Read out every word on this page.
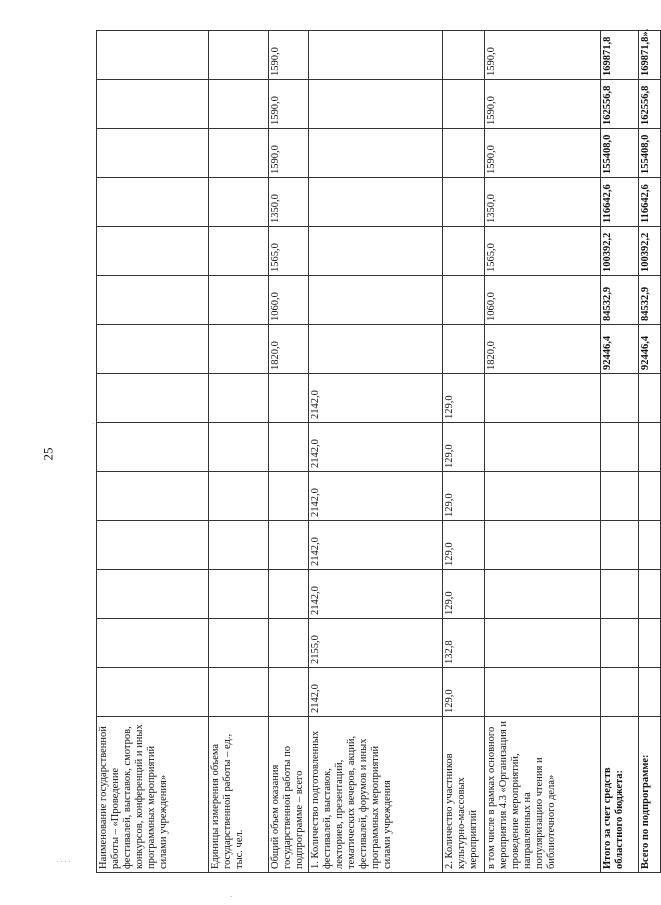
25
·
·
· · · ·	Наименование государственной работы – «Проведение фестивалей, выставок, смотров, конкурсов, конференций и иных программных мероприятий силами учреждения»														
Единицы измерения объема государственной работы – ед., тыс. чел.														
Общий объем оказания государственной работы по подпрограмме – всего								1820,0	1060,0	1565,0	1350,0	1590,0	1590,0	1590,0
1. Количество подготовленных фестивалей, выставок, лекториев, презентаций, тематических вечеров, акций, фестивалей, форумов и иных программных мероприятий силами учреждения	2142,0	2155,0	2142,0	2142,0	2142,0	2142,0	2142,0							
2. Количество участников культурно-массовых мероприятий	129,0	132,8	129,0	129,0	129,0	129,0	129,0							
в том числе в рамках основного мероприятия 4.3 «Организация и проведение мероприятий, направленных на популяризацию чтения и библиотечного дела»								1820,0	1060,0	1565,0	1350,0	1590,0	1590,0	1590,0
Итого за счет средств областного бюджета:								92446,4	84532,9	100392,2	116642,6	155408,0	162556,8	169871,8
Всего по подпрограмме:								92446,4	84532,9	100392,2	116642,6	155408,0	162556,8	169871,8».
